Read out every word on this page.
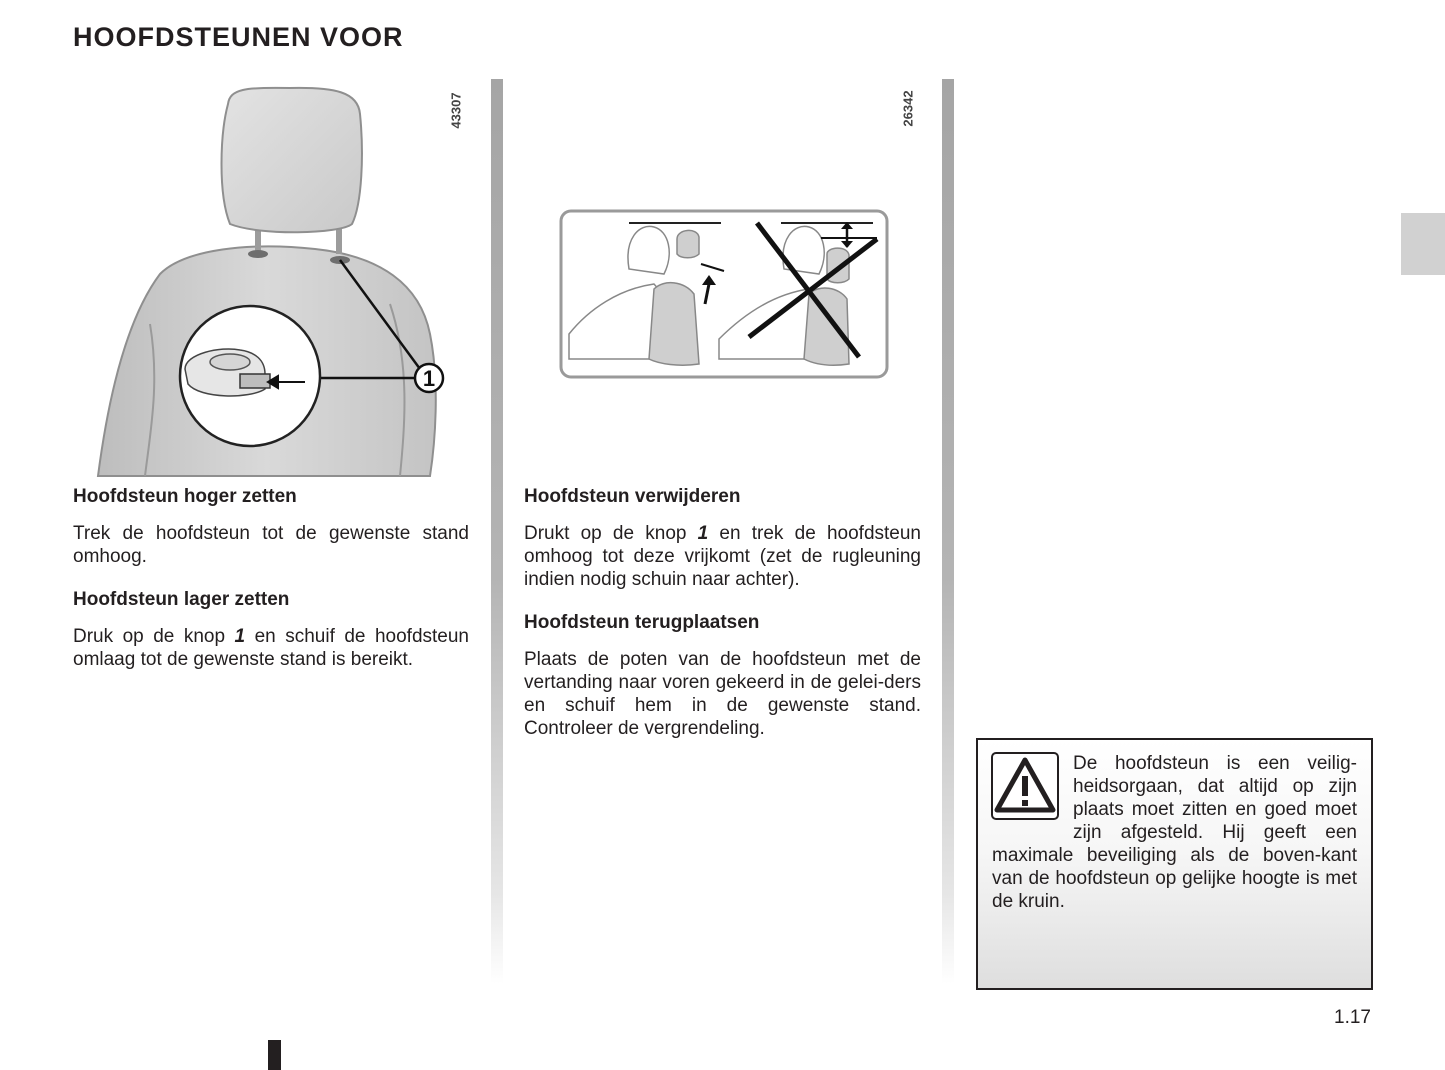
HOOFDSTEUNEN VOOR
1
43307	26342
Hoofdsteun hoger zetten

Trek de hoofdsteun tot de gewenste stand omhoog.

Hoofdsteun lager zetten

Druk op de knop 1 en schuif de hoofdsteun omlaag tot de gewenste stand is bereikt.

Hoofdsteun verwijderen

Drukt op de knop 1 en trek de hoofdsteun omhoog tot deze vrijkomt (zet de rugleuning indien nodig schuin naar achter).

Hoofdsteun terugplaatsen

Plaats de poten van de hoofdsteun met de vertanding naar voren gekeerd in de gelei-ders en schuif hem in de gewenste stand. Controleer de vergrendeling.

De hoofdsteun is een veilig-heidsorgaan, dat altijd op zijn plaats moet zitten en goed moet zijn afgesteld. Hij geeft een maximale beveiliging als de boven-kant van de hoofdsteun op gelijke hoogte is met de kruin.
1.17
